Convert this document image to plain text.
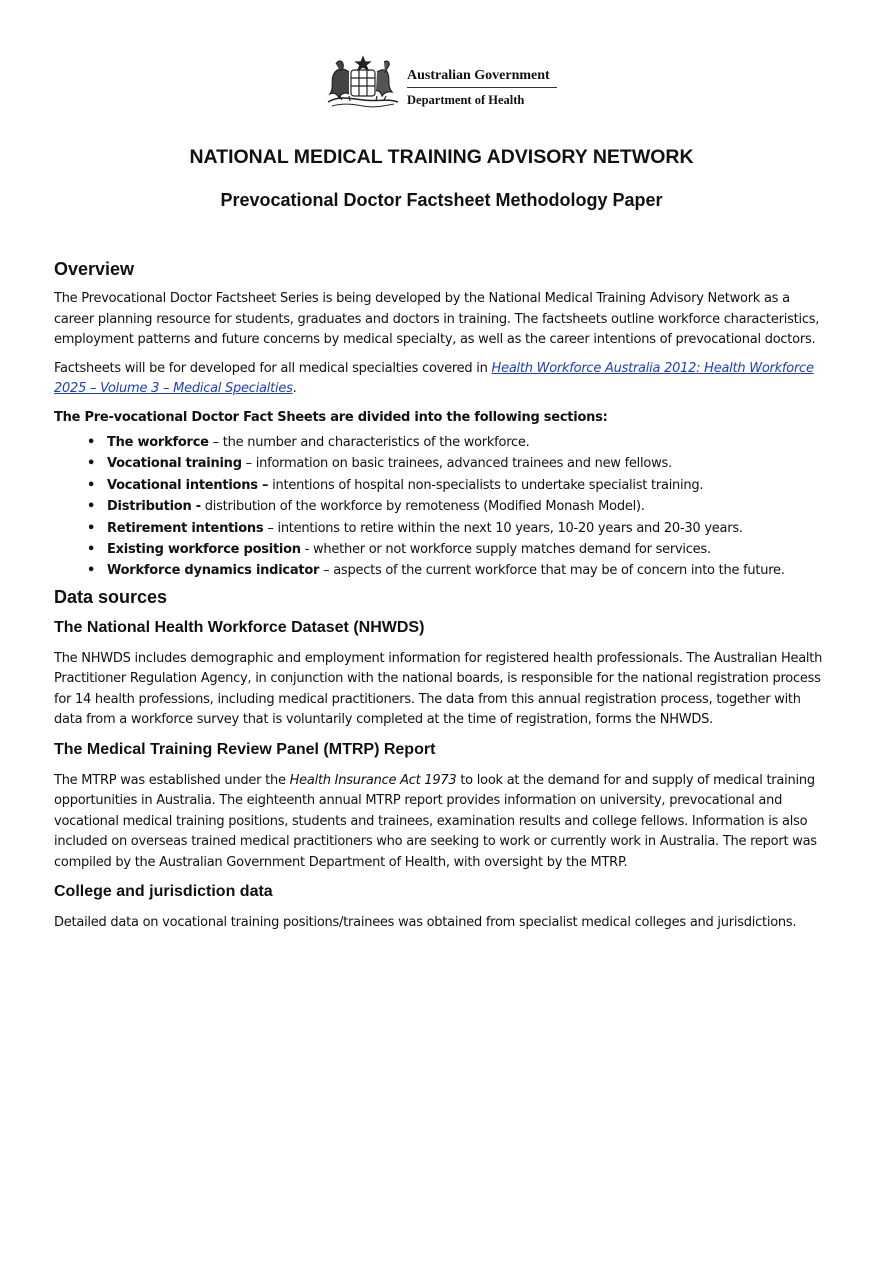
Australian Government
Department of Health
NATIONAL MEDICAL TRAINING ADVISORY NETWORK
Prevocational Doctor Factsheet Methodology Paper
Overview

The Prevocational Doctor Factsheet Series is being developed by the National Medical Training Advisory Network as a career planning resource for students, graduates and doctors in training. The factsheets outline workforce characteristics, employment patterns and future concerns by medical specialty, as well as the career intentions of prevocational doctors.

Factsheets will be for developed for all medical specialties covered in Health Workforce Australia 2012: Health Workforce 2025 – Volume 3 – Medical Specialties.

The Pre-vocational Doctor Fact Sheets are divided into the following sections:

• The workforce – the number and characteristics of the workforce.
• Vocational training – information on basic trainees, advanced trainees and new fellows.
• Vocational intentions – intentions of hospital non-specialists to undertake specialist training.
• Distribution - distribution of the workforce by remoteness (Modified Monash Model).
• Retirement intentions – intentions to retire within the next 10 years, 10-20 years and 20-30 years.
• Existing workforce position - whether or not workforce supply matches demand for services.
• Workforce dynamics indicator – aspects of the current workforce that may be of concern into the future.
Data sources
The National Health Workforce Dataset (NHWDS)

The NHWDS includes demographic and employment information for registered health professionals. The Australian Health Practitioner Regulation Agency, in conjunction with the national boards, is responsible for the national registration process for 14 health professions, including medical practitioners. The data from this annual registration process, together with data from a workforce survey that is voluntarily completed at the time of registration, forms the NHWDS.

The Medical Training Review Panel (MTRP) Report

The MTRP was established under the Health Insurance Act 1973 to look at the demand for and supply of medical training opportunities in Australia. The eighteenth annual MTRP report provides information on university, prevocational and vocational medical training positions, students and trainees, examination results and college fellows. Information is also included on overseas trained medical practitioners who are seeking to work or currently work in Australia. The report was compiled by the Australian Government Department of Health, with oversight by the MTRP.

College and jurisdiction data

Detailed data on vocational training positions/trainees was obtained from specialist medical colleges and jurisdictions.
